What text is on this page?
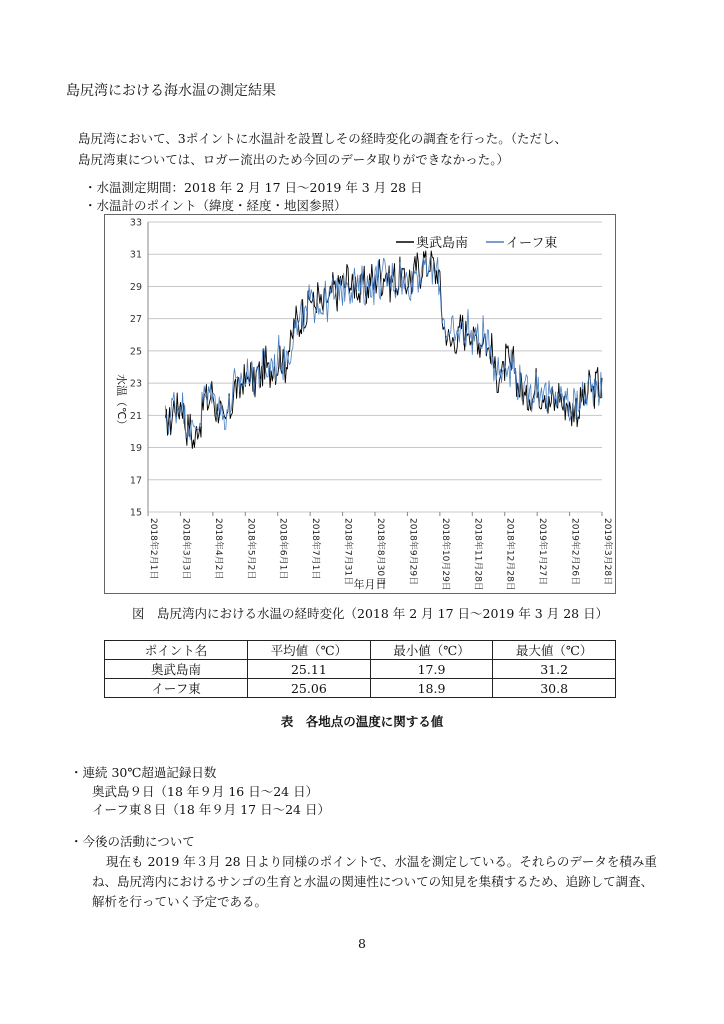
島尻湾における海水温の測定結果
島尻湾において、3ポイントに水温計を設置しその経時変化の調査を行った。（ただし、
島尻湾東については、ロガー流出のため今回のデータ取りができなかった。）
・水温測定期間：2018 年 2 月 17 日〜2019 年 3 月 28 日
・水温計のポイント（緯度・経度・地図参照）
15
17
19
21
23
25
27
29
31
33
2018年2月1日 2018年3月3日 2018年4月2日 2018年5月2日 2018年6月1日 2018年7月1日 2018年7月31日 2018年8月30日 2018年9月29日 2018年10月29日 2018年11月28日 2018年12月28日 2019年1月27日 2019年2月26日 2019年3月28日
水温（℃）
年月日
奥武島南	イーフ東
図　島尻湾内における水温の経時変化（2018 年 2 月 17 日〜2019 年 3 月 28 日）
ポイント名	平均値（℃）	最小値（℃）	最大値（℃）
奥武島南	25.11	17.9	31.2
イーフ東	25.06	18.9	30.8
表　各地点の温度に関する値
・連続 30℃超過記録日数
奥武島９日（18 年９月 16 日〜24 日）
イーフ東８日（18 年９月 17 日〜24 日）
・今後の活動について
現在も 2019 年３月 28 日より同様のポイントで、水温を測定している。それらのデータを積み重
ね、島尻湾内におけるサンゴの生育と水温の関連性についての知見を集積するため、追跡して調査、
解析を行っていく予定である。
8
